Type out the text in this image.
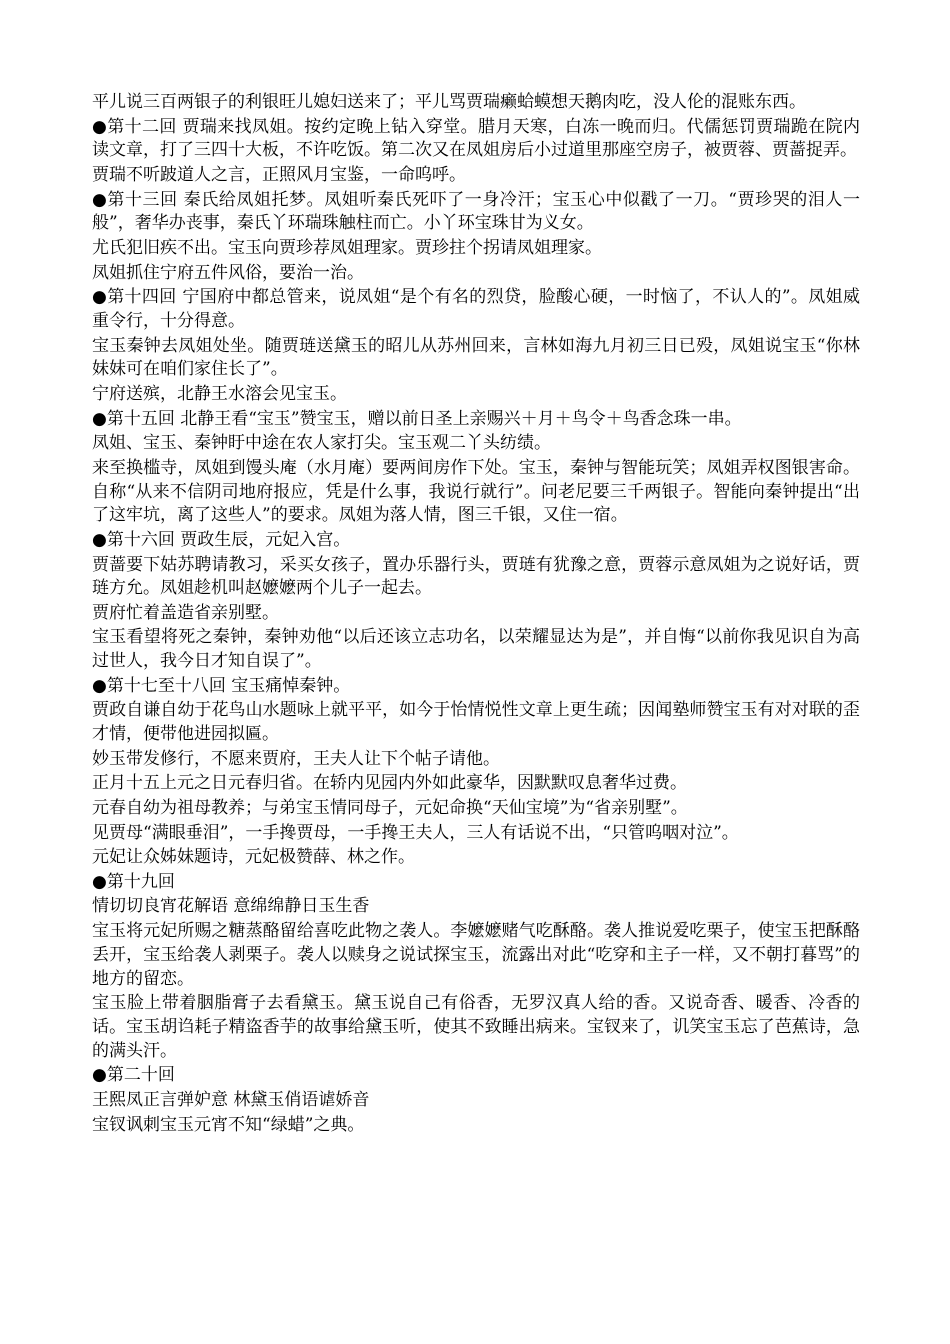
平儿说三百两银子的利银旺儿媳妇送来了；平儿骂贾瑞癞蛤蟆想天鹅肉吃，没人伦的混账东西。

●第十二回 贾瑞来找凤姐。按约定晚上钻入穿堂。腊月天寒，白冻一晚而归。代儒惩罚贾瑞跪在院内读文章，打了三四十大板，不许吃饭。第二次又在凤姐房后小过道里那座空房子，被贾蓉、贾蔷捉弄。

贾瑞不听跛道人之言，正照风月宝鉴，一命呜呼。

●第十三回 秦氏给凤姐托梦。凤姐听秦氏死吓了一身冷汗；宝玉心中似戳了一刀。“贾珍哭的泪人一般”，奢华办丧事，秦氏丫环瑞珠触柱而亡。小丫环宝珠甘为义女。

尤氏犯旧疾不出。宝玉向贾珍荐凤姐理家。贾珍拄个拐请凤姐理家。

凤姐抓住宁府五件风俗，要治一治。

●第十四回 宁国府中都总管来，说凤姐“是个有名的烈贷，脸酸心硬，一时恼了，不认人的”。凤姐威重令行，十分得意。

宝玉秦钟去凤姐处坐。随贾琏送黛玉的昭儿从苏州回来，言林如海九月初三日已殁，凤姐说宝玉“你林妹妹可在咱们家住长了”。

宁府送殡，北静王水溶会见宝玉。

●第十五回 北静王看“宝玉”赞宝玉，赠以前日圣上亲赐兴＋月＋鸟令＋鸟香念珠一串。

凤姐、宝玉、秦钟盱中途在农人家打尖。宝玉观二丫头纺绩。

来至换槛寺，凤姐到馒头庵（水月庵）要两间房作下处。宝玉，秦钟与智能玩笑；凤姐弄权图银害命。自称“从来不信阴司地府报应，凭是什么事，我说行就行”。问老尼要三千两银子。智能向秦钟提出“出了这牢坑，离了这些人”的要求。凤姐为落人情，图三千银，又住一宿。

●第十六回 贾政生辰，元妃入宫。

贾蔷要下姑苏聘请教习，采买女孩子，置办乐器行头，贾琏有犹豫之意，贾蓉示意凤姐为之说好话，贾琏方允。凤姐趁机叫赵嬷嬷两个儿子一起去。

贾府忙着盖造省亲别墅。

宝玉看望将死之秦钟，秦钟劝他“以后还该立志功名，以荣耀显达为是”，并自悔“以前你我见识自为高过世人，我今日才知自误了”。

●第十七至十八回 宝玉痛悼秦钟。

贾政自谦自幼于花鸟山水题咏上就平平，如今于怡情悦性文章上更生疏；因闻塾师赞宝玉有对对联的歪才情，便带他进园拟匾。

妙玉带发修行，不愿来贾府，王夫人让下个帖子请他。

正月十五上元之日元春归省。在轿内见园内外如此豪华，因默默叹息奢华过费。

元春自幼为祖母教养；与弟宝玉情同母子，元妃命换“天仙宝境”为“省亲别墅”。

见贾母“满眼垂泪”，一手搀贾母，一手搀王夫人，三人有话说不出，“只管呜咽对泣”。

元妃让众姊妹题诗，元妃极赞薛、林之作。

●第十九回

情切切良宵花解语 意绵绵静日玉生香

宝玉将元妃所赐之糖蒸酪留给喜吃此物之袭人。李嬷嬷赌气吃酥酪。袭人推说爱吃栗子，使宝玉把酥酪丢开，宝玉给袭人剥栗子。袭人以赎身之说试探宝玉，流露出对此“吃穿和主子一样，又不朝打暮骂”的地方的留恋。

宝玉脸上带着胭脂膏子去看黛玉。黛玉说自己有俗香，无罗汉真人给的香。又说奇香、暖香、冷香的话。宝玉胡诌耗子精盗香芋的故事给黛玉听，使其不致睡出病来。宝钗来了，讥笑宝玉忘了芭蕉诗，急的满头汗。

●第二十回

王熙凤正言弹妒意 林黛玉俏语谑娇音

宝钗讽刺宝玉元宵不知“绿蜡”之典。
